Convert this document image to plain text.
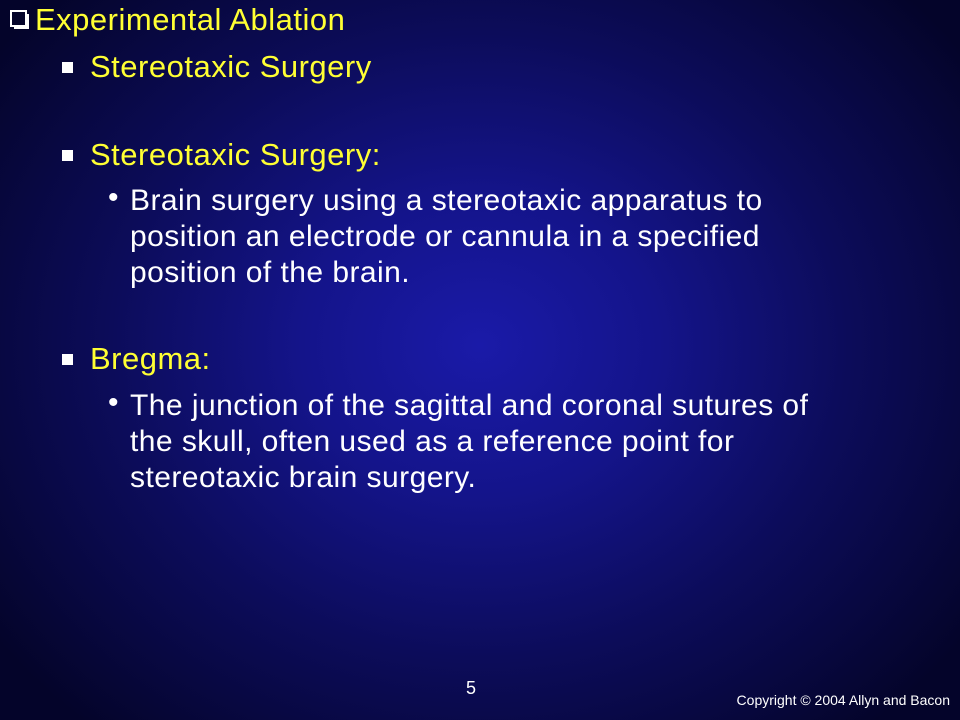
Experimental Ablation
Stereotaxic Surgery
Stereotaxic Surgery:
• Brain surgery using a stereotaxic apparatus to
position an electrode or cannula in a specified
position of the brain.
Bregma:
• The junction of the sagittal and coronal sutures of
the skull, often used as a reference point for
stereotaxic brain surgery.
5
Copyright © 2004 Allyn and Bacon
